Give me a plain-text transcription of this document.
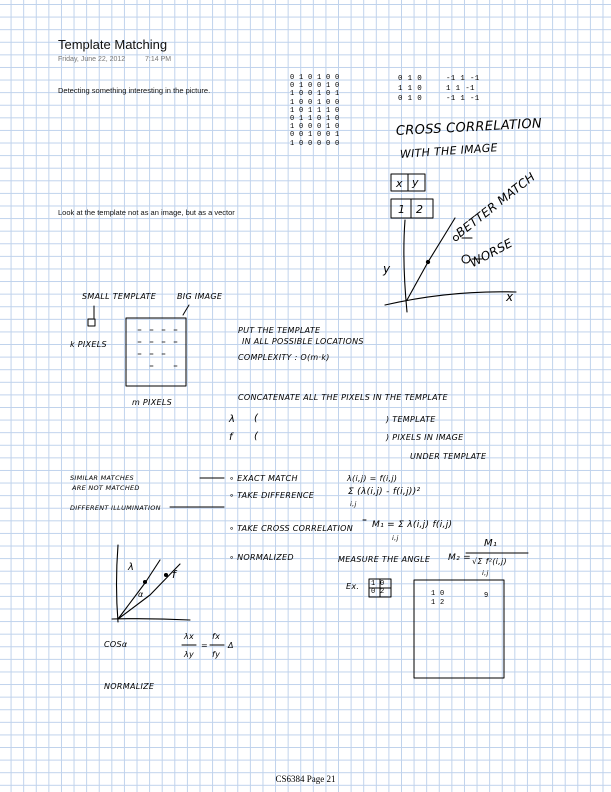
Template Matching
Friday, June 22, 2012	7:14 PM
Detecting something interesting in the picture.
Look at the template not as an image, but as a vector
0 1 0 1 0 0
0 1 0 0 1 0
1 0 0 1 0 1
1 0 0 1 0 0
1 0 1 1 1 0
0 1 1 0 1 0
1 0 0 0 1 0
0 0 1 0 0 1
1 0 0 0 0 0
0 1 0
1 1 0
0 1 0
-1 1 -1
1 1 -1
-1 1 -1
CROSS CORRELATION
WITH THE IMAGE
x y
1 2	BETTER MATCH
WORSE
y
x
SMALL TEMPLATE	BIG IMAGE
k PIXELS
m PIXELS
PUT THE TEMPLATE
IN ALL POSSIBLE LOCATIONS
COMPLEXITY : O(m·k)
CONCATENATE ALL THE PIXELS IN THE TEMPLATE
λ (	) TEMPLATE
f (	) PIXELS IN IMAGE
UNDER TEMPLATE
SIMILAR MATCHES
ARE NOT MATCHED
DIFFERENT ILLUMINATION
∘ EXACT MATCH	λ(i,j) = f(i,j)
∘ TAKE DIFFERENCE	Σ (λ(i,j) - f(i,j))²
i,j
∘ TAKE CROSS CORRELATION M₁ = Σ λ(i,j) f(i,j)
i,j
∘ NORMALIZED	MEASURE THE ANGLE M₂ =
M₁
√Σ f²(i,j)
i,j
λ
f
α
COSα
λx
λy
=
fx
fy
Δ
NORMALIZE
Ex. 1 0
0 2	1 0
1 2
9
CS6384 Page 21
